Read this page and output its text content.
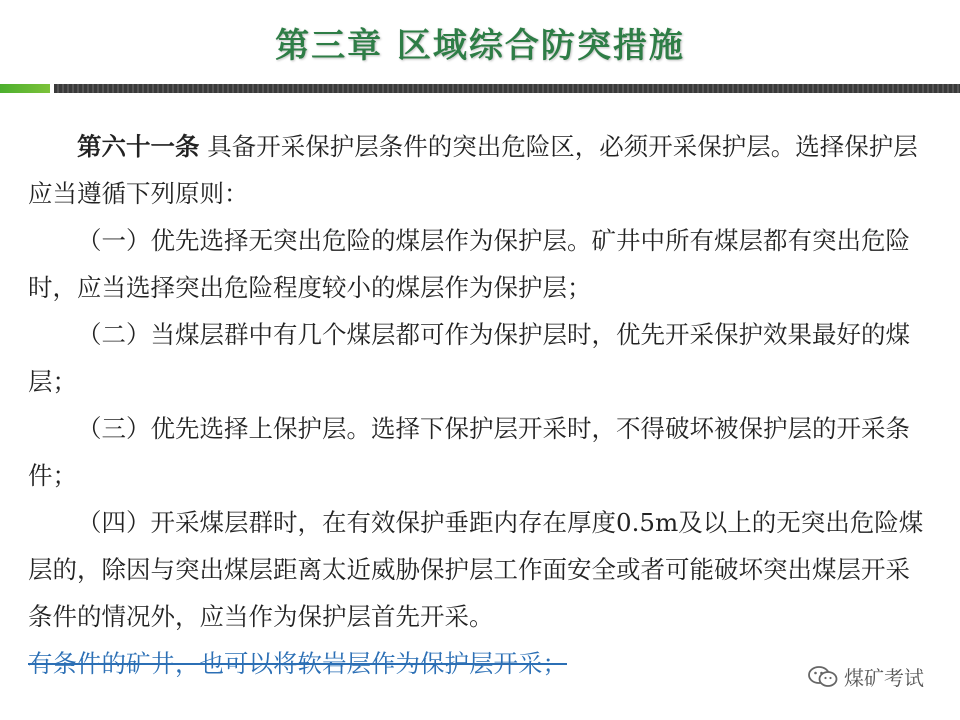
第三章 区域综合防突措施

第六十一条 具备开采保护层条件的突出危险区，必须开采保护层。选择保护层应当遵循下列原则：

（一）优先选择无突出危险的煤层作为保护层。矿井中所有煤层都有突出危险时，应当选择突出危险程度较小的煤层作为保护层；

（二）当煤层群中有几个煤层都可作为保护层时，优先开采保护效果最好的煤层；

（三）优先选择上保护层。选择下保护层开采时，不得破坏被保护层的开采条件；

（四）开采煤层群时，在有效保护垂距内存在厚度0.5m及以上的无突出危险煤层的，除因与突出煤层距离太近威胁保护层工作面安全或者可能破坏突出煤层开采条件的情况外，应当作为保护层首先开采。

有条件的矿井，也可以将软岩层作为保护层开采；	煤矿考试
